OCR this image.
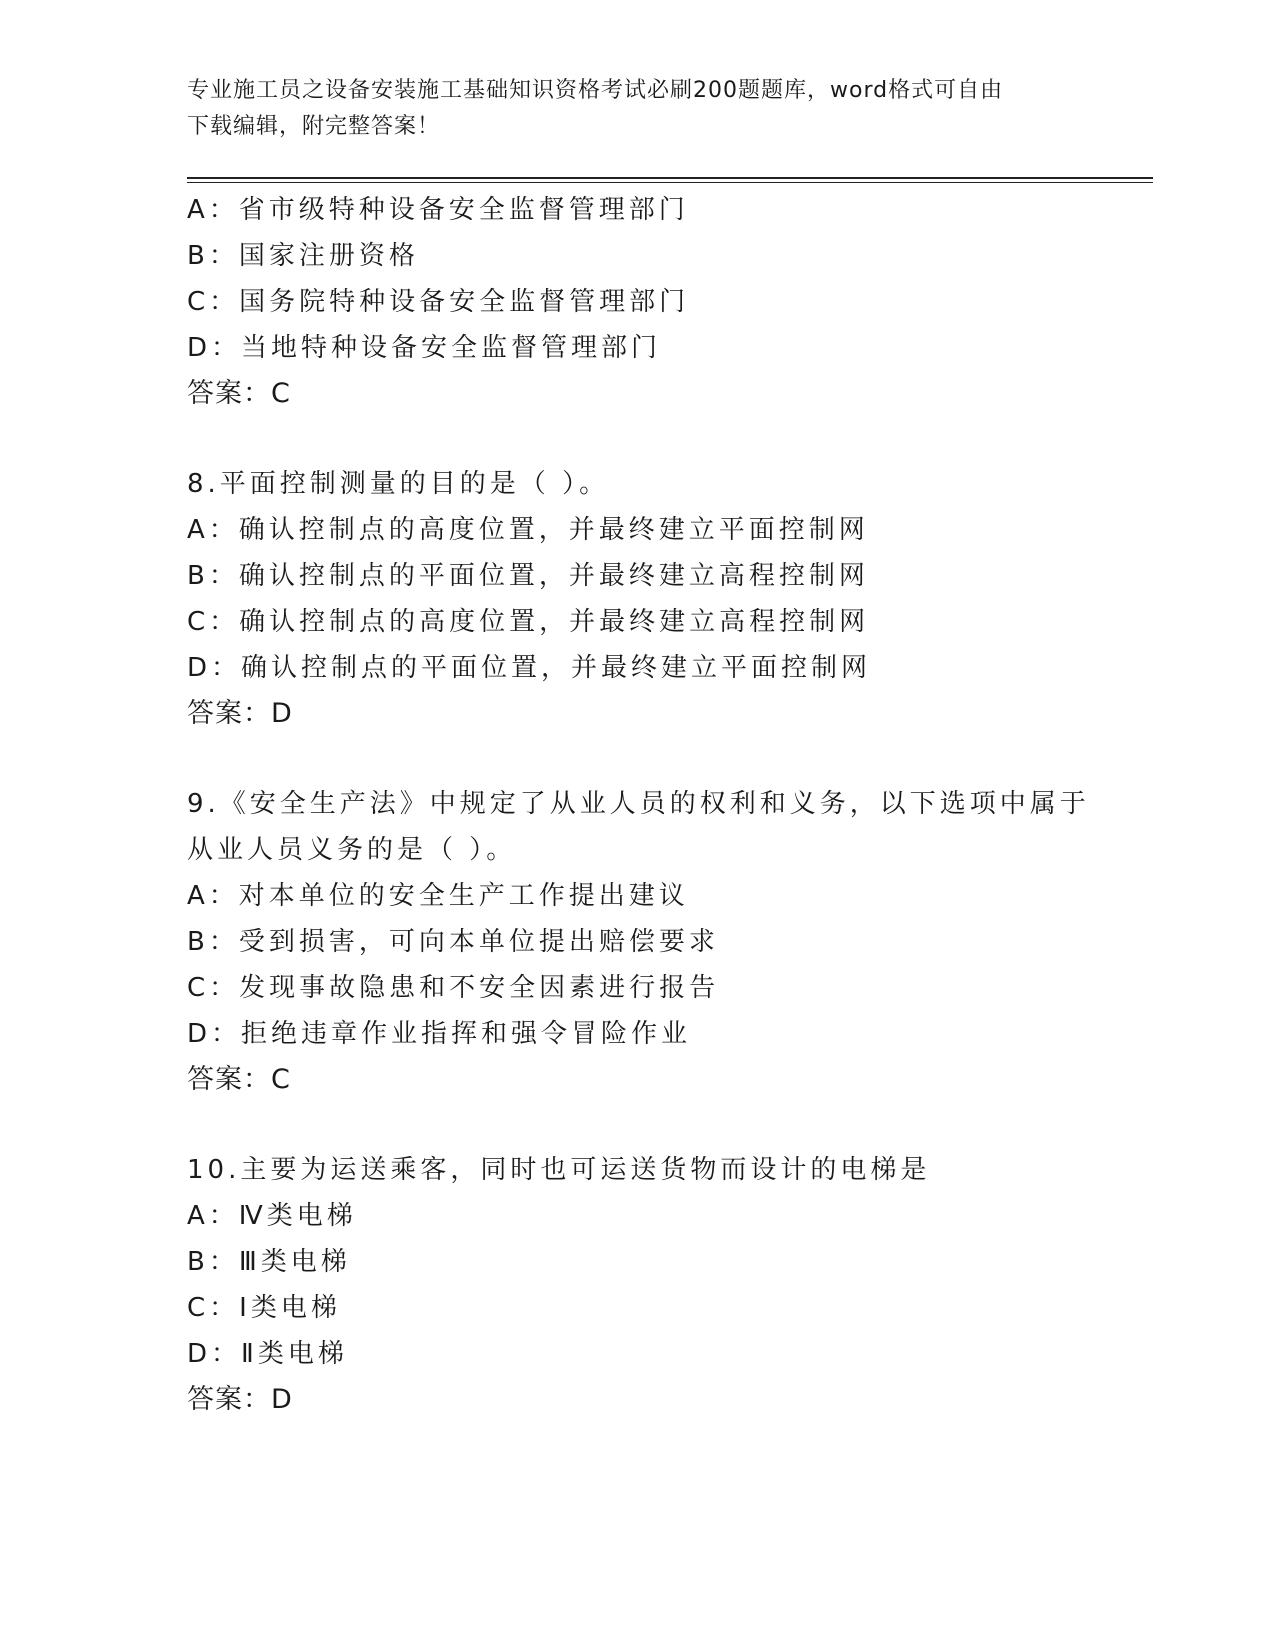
专业施工员之设备安装施工基础知识资格考试必刷200题题库，word格式可自由
下载编辑，附完整答案！
A：省市级特种设备安全监督管理部门
B：国家注册资格
C：国务院特种设备安全监督管理部门
D：当地特种设备安全监督管理部门
答案：C
8.平面控制测量的目的是（ ）。
A：确认控制点的高度位置，并最终建立平面控制网
B：确认控制点的平面位置，并最终建立高程控制网
C：确认控制点的高度位置，并最终建立高程控制网
D：确认控制点的平面位置，并最终建立平面控制网
答案：D
9.《安全生产法》中规定了从业人员的权利和义务，以下选项中属于
从业人员义务的是（ ）。
A：对本单位的安全生产工作提出建议
B：受到损害，可向本单位提出赔偿要求
C：发现事故隐患和不安全因素进行报告
D：拒绝违章作业指挥和强令冒险作业
答案：C
10.主要为运送乘客，同时也可运送货物而设计的电梯是
A：Ⅳ类电梯
B：Ⅲ类电梯
C：Ⅰ类电梯
D：Ⅱ类电梯
答案：D
